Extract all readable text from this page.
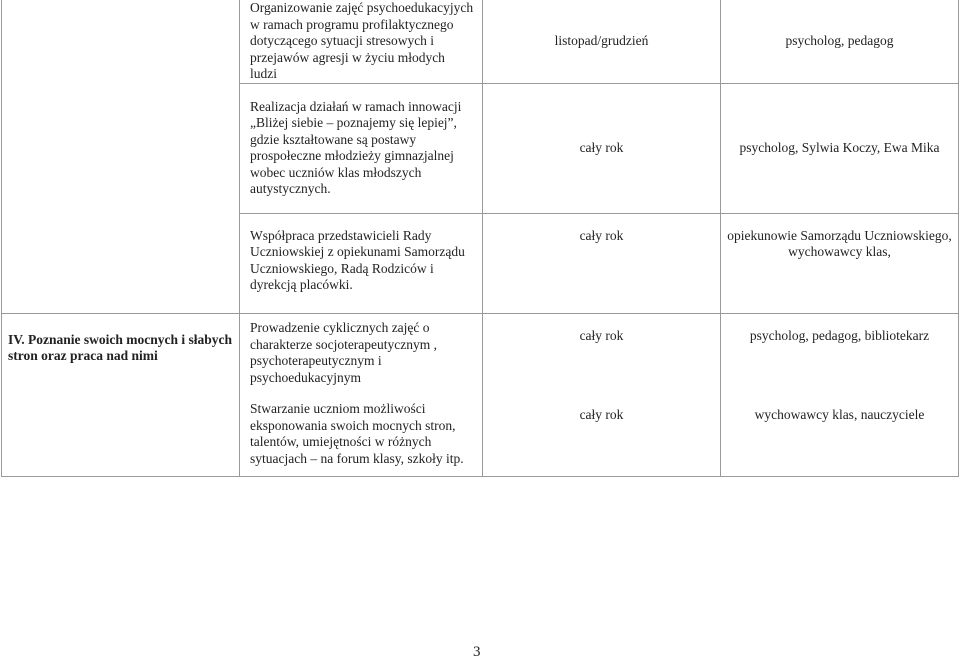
	Organizowanie zajęć psychoedukacyjych w ramach programu profilaktycznego dotyczącego sytuacji stresowych i przejawów agresji w życiu młodych ludzi	listopad/grudzień	psycholog, pedagog

	Realizacja działań w ramach innowacji „Bliżej siebie – poznajemy się lepiej”, gdzie kształtowane są postawy prospołeczne młodzieży gimnazjalnej wobec uczniów klas młodszych autystycznych.	cały rok	psycholog, Sylwia Koczy, Ewa Mika

	Współpraca przedstawicieli Rady Uczniowskiej z opiekunami Samorządu Uczniowskiego, Radą Rodziców i dyrekcją placówki.	cały rok	opiekunowie Samorządu Uczniowskiego, wychowawcy klas,

IV. Poznanie swoich mocnych i słabych stron oraz praca nad nimi	Prowadzenie cyklicznych zajęć o charakterze socjoterapeutycznym , psychoterapeutycznym i psychoedukacyjnym	cały rok	psycholog, pedagog, bibliotekarz

	Stwarzanie uczniom możliwości eksponowania swoich mocnych stron, talentów, umiejętności w różnych sytuacjach – na forum klasy, szkoły itp.	cały rok	wychowawcy klas, nauczyciele
3
